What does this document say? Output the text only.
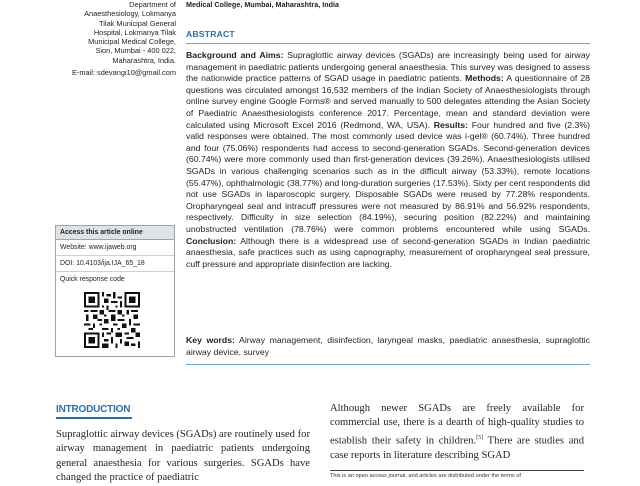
Department of
Anaesthesiology, Lokmanya
Tilak Municipal General
Hospital, Lokmanya Tilak
Municipal Medical College,
Sion, Mumbai - 400 022,
Maharashtra, India.
E-mail: sdevangi10@gmail.com
Medical College, Mumbai, Maharashtra, India
ABSTRACT
Background and Aims: Supraglottic airway devices (SGADs) are increasingly being used for airway management in paediatric patients undergoing general anaesthesia. This survey was designed to assess the nationwide practice patterns of SGAD usage in paediatric patients. Methods: A questionnaire of 28 questions was circulated amongst 16,532 members of the Indian Society of Anaesthesiologists through online survey engine Google Forms® and served manually to 500 delegates attending the Asian Society of Paediatric Anaesthesiologists conference 2017. Percentage, mean and standard deviation were calculated using Microsoft Excel 2016 (Redmond, WA, USA). Results: Four hundred and five (2.3%) valid responses were obtained. The most commonly used device was i-gel® (60.74%). Three hundred and four (75.06%) respondents had access to second-generation SGADs. Second-generation devices (60.74%) were more commonly used than first-generation devices (39.26%). Anaesthesiologists utilised SGADs in various challenging scenarios such as in the difficult airway (53.33%), remote locations (55.47%), ophthalmologic (38.77%) and long-duration surgeries (17.53%). Sixty per cent respondents did not use SGADs in laparoscopic surgery. Disposable SGADs were reused by 77.28% respondents. Oropharyngeal seal and intracuff pressures were not measured by 86.91% and 56.92% respondents, respectively. Difficulty in size selection (84.19%), securing position (82.22%) and maintaining unobstructed ventilation (78.76%) were common problems encountered while using SGADs. Conclusion: Although there is a widespread use of second-generation SGADs in Indian paediatric anaesthesia, safe practices such as using capnography, measurement of oropharyngeal seal pressure, cuff pressure and appropriate disinfection are lacking.
Key words: Airway management, disinfection, laryngeal masks, paediatric anaesthesia, supraglottic airway device, survey
Access this article online
Website: www.ijaweb.org
DOI: 10.4103/ija.IJA_65_18
Quick response code
INTRODUCTION
Supraglottic airway devices (SGADs) are routinely used for airway management in paediatric patients undergoing general anaesthesia for various surgeries. SGADs have changed the practice of paediatric
Although newer SGADs are freely available for commercial use, there is a dearth of high-quality studies to establish their safety in children.[5] There are studies and case reports in literature describing SGAD
This is an open access journal, and articles are distributed under the terms of
